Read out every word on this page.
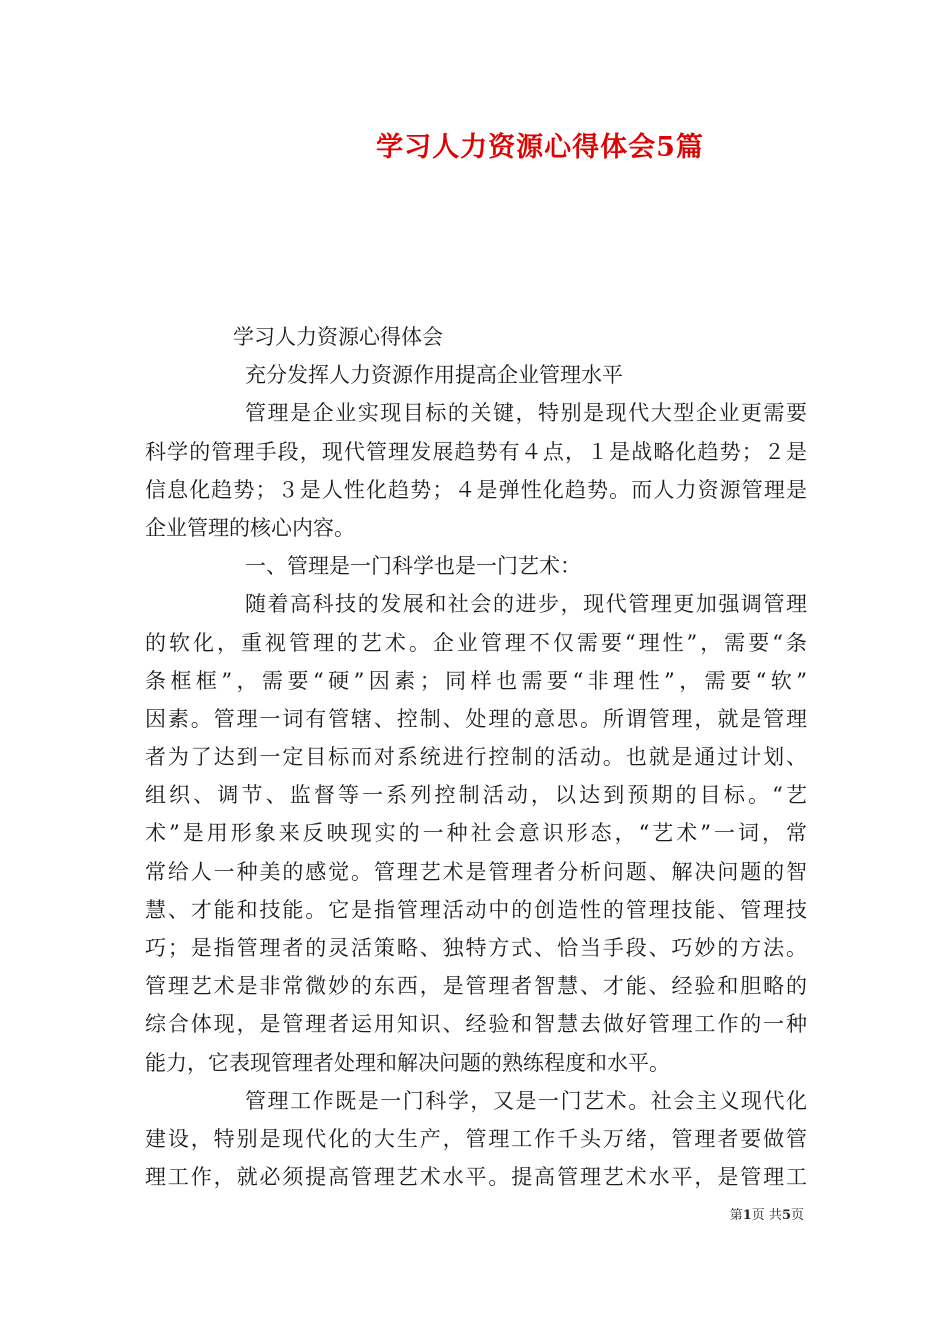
学习人力资源心得体会5篇
学习人力资源心得体会
充分发挥人力资源作用提高企业管理水平
管理是企业实现目标的关键，特别是现代大型企业更需要
科学的管理手段，现代管理发展趋势有４点，１是战略化趋势；２是
信息化趋势；３是人性化趋势；４是弹性化趋势。而人力资源管理是
企业管理的核心内容。
一、管理是一门科学也是一门艺术：
随着高科技的发展和社会的进步，现代管理更加强调管理
的软化，重视管理的艺术。企业管理不仅需要“理性”，需要“条
条框框”，需要“硬”因素；同样也需要“非理性”，需要“软”
因素。管理一词有管辖、控制、处理的意思。所谓管理，就是管理
者为了达到一定目标而对系统进行控制的活动。也就是通过计划、
组织、调节、监督等一系列控制活动，以达到预期的目标。“艺
术”是用形象来反映现实的一种社会意识形态，“艺术”一词，常
常给人一种美的感觉。管理艺术是管理者分析问题、解决问题的智
慧、才能和技能。它是指管理活动中的创造性的管理技能、管理技
巧；是指管理者的灵活策略、独特方式、恰当手段、巧妙的方法。
管理艺术是非常微妙的东西，是管理者智慧、才能、经验和胆略的
综合体现，是管理者运用知识、经验和智慧去做好管理工作的一种
能力，它表现管理者处理和解决问题的熟练程度和水平。
管理工作既是一门科学，又是一门艺术。社会主义现代化
建设，特别是现代化的大生产，管理工作千头万绪，管理者要做管
理工作，就必须提高管理艺术水平。提高管理艺术水平，是管理工
第1页 共5页
